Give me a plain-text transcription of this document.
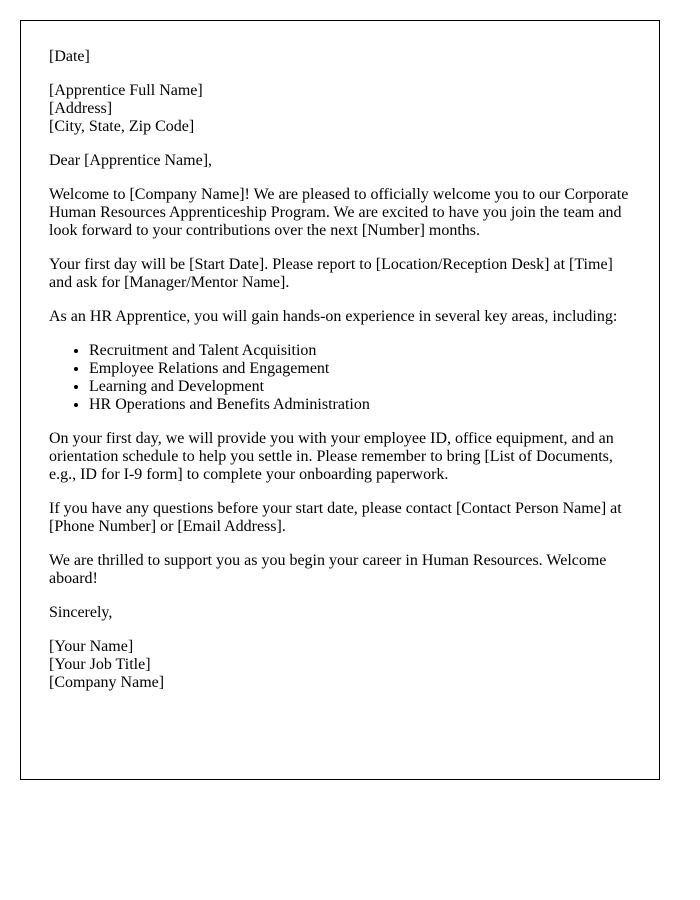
[Date]

[Apprentice Full Name]
[Address]
[City, State, Zip Code]

Dear [Apprentice Name],

Welcome to [Company Name]! We are pleased to officially welcome you to our Corporate Human Resources Apprenticeship Program. We are excited to have you join the team and look forward to your contributions over the next [Number] months.

Your first day will be [Start Date]. Please report to [Location/Reception Desk] at [Time] and ask for [Manager/Mentor Name].

As an HR Apprentice, you will gain hands-on experience in several key areas, including:

• Recruitment and Talent Acquisition
• Employee Relations and Engagement
• Learning and Development
• HR Operations and Benefits Administration

On your first day, we will provide you with your employee ID, office equipment, and an orientation schedule to help you settle in. Please remember to bring [List of Documents, e.g., ID for I-9 form] to complete your onboarding paperwork.

If you have any questions before your start date, please contact [Contact Person Name] at [Phone Number] or [Email Address].

We are thrilled to support you as you begin your career in Human Resources. Welcome aboard!

Sincerely,

[Your Name]
[Your Job Title]
[Company Name]
